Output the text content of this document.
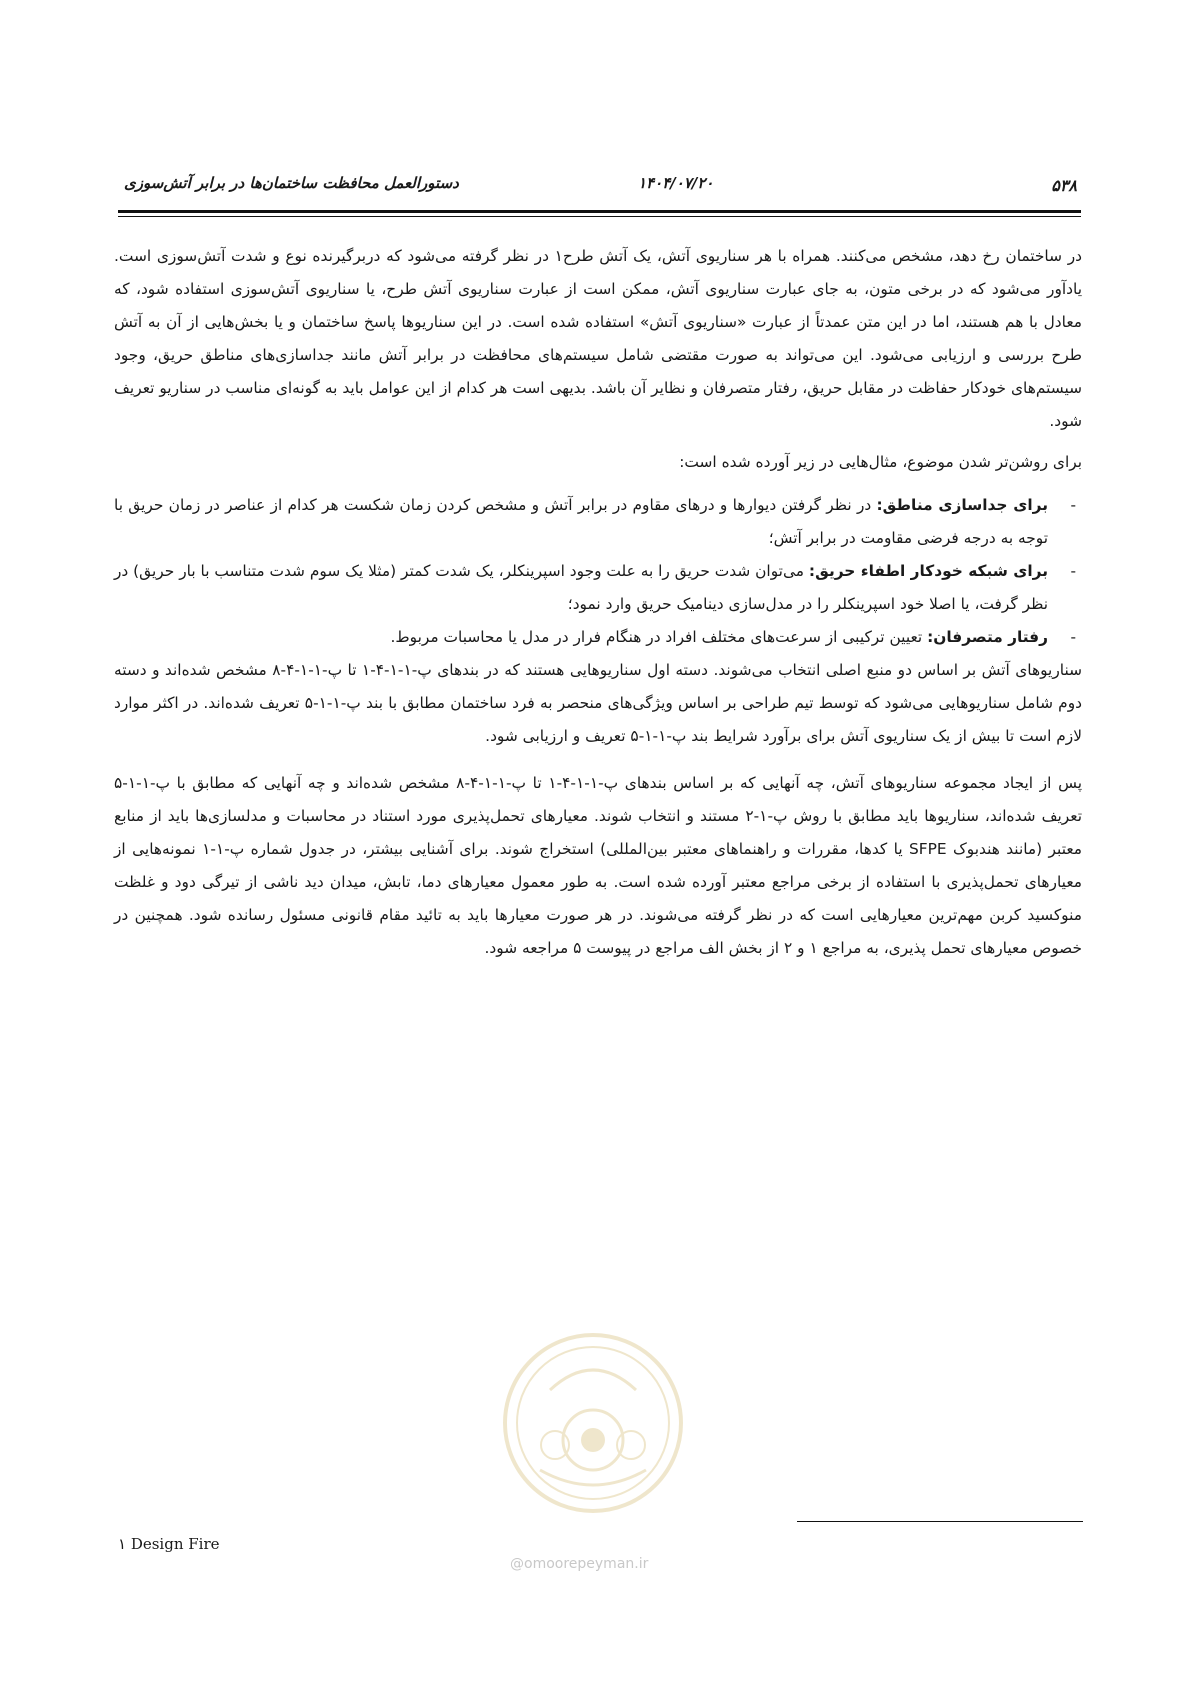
۵۳۸
۱۴۰۴/۰۷/۲۰
دستورالعمل محافظت ساختمان‌ها در برابر آتش‌سوزی

در ساختمان رخ دهد، مشخص می‌کنند. همراه با هر سناریوی آتش، یک آتش طرح۱ در نظر گرفته می‌شود که دربرگیرنده نوع و شدت آتش‌سوزی است. یادآور می‌شود که در برخی متون، به جای عبارت سناریوی آتش، ممکن است از عبارت سناریوی آتش طرح، یا سناریوی آتش‌سوزی استفاده شود، که معادل با هم هستند، اما در این متن عمدتاً از عبارت «سناریوی آتش» استفاده شده است. در این سناریوها پاسخ ساختمان و یا بخش‌هایی از آن به آتش طرح بررسی و ارزیابی می‌شود. این می‌تواند به صورت مقتضی شامل سیستم‌های محافظت در برابر آتش مانند جداسازی‌های مناطق حریق، وجود سیستم‌های خودکار حفاظت در مقابل حریق، رفتار متصرفان و نظایر آن باشد. بدیهی است هر کدام از این عوامل باید به گونه‌ای مناسب در سناریو تعریف شود.

برای روشن‌تر شدن موضوع، مثال‌هایی در زیر آورده شده است:

-
برای جداسازی مناطق: در نظر گرفتن دیوارها و درهای مقاوم در برابر آتش و مشخص کردن زمان شکست هر کدام از عناصر در زمان حریق با توجه به درجه فرضی مقاومت در برابر آتش؛
-
برای شبکه خودکار اطفاء حریق: می‌توان شدت حریق را به علت وجود اسپرینکلر، یک شدت کمتر (مثلا یک سوم شدت متناسب با بار حریق) در نظر گرفت، یا اصلا خود اسپرینکلر را در مدل‌سازی دینامیک حریق وارد نمود؛
-
رفتار متصرفان: تعیین ترکیبی از سرعت‌های مختلف افراد در هنگام فرار در مدل یا محاسبات مربوط.

سناریوهای آتش بر اساس دو منبع اصلی انتخاب می‌شوند. دسته اول سناریوهایی هستند که در بندهای پ-۱-۱-۴-۱ تا پ-۱-۱-۴-۸ مشخص شده‌اند و دسته دوم شامل سناریوهایی می‌شود که توسط تیم طراحی بر اساس ویژگی‌های منحصر به فرد ساختمان مطابق با بند پ-۱-۱-۵ تعریف شده‌اند. در اکثر موارد لازم است تا بیش از یک سناریوی آتش برای برآورد شرایط بند پ-۱-۱-۵ تعریف و ارزیابی شود.

پس از ایجاد مجموعه سناریوهای آتش، چه آنهایی که بر اساس بندهای پ-۱-۱-۴-۱ تا پ-۱-۱-۴-۸ مشخص شده‌اند و چه آنهایی که مطابق با پ-۱-۱-۵ تعریف شده‌اند، سناریوها باید مطابق با روش پ-۱-۲ مستند و انتخاب شوند. معیارهای تحمل‌پذیری مورد استناد در محاسبات و مدلسازی‌ها باید از منابع معتبر (مانند هندبوک SFPE یا کدها، مقررات و راهنماهای معتبر بین‌المللی) استخراج شوند. برای آشنایی بیشتر، در جدول شماره پ-۱-۱ نمونه‌هایی از معیارهای تحمل‌پذیری با استفاده از برخی مراجع معتبر آورده شده است. به طور معمول معیارهای دما، تابش، میدان دید ناشی از تیرگی دود و غلظت منوکسید کربن مهم‌ترین معیارهایی است که در نظر گرفته می‌شوند. در هر صورت معیارها باید به تائید مقام قانونی مسئول رسانده شود. همچنین در خصوص معیارهای تحمل پذیری، به مراجع ۱ و ۲ از بخش الف مراجع در پیوست ۵ مراجعه شود.

@omoorepeyman.ir
۱ Design Fire
